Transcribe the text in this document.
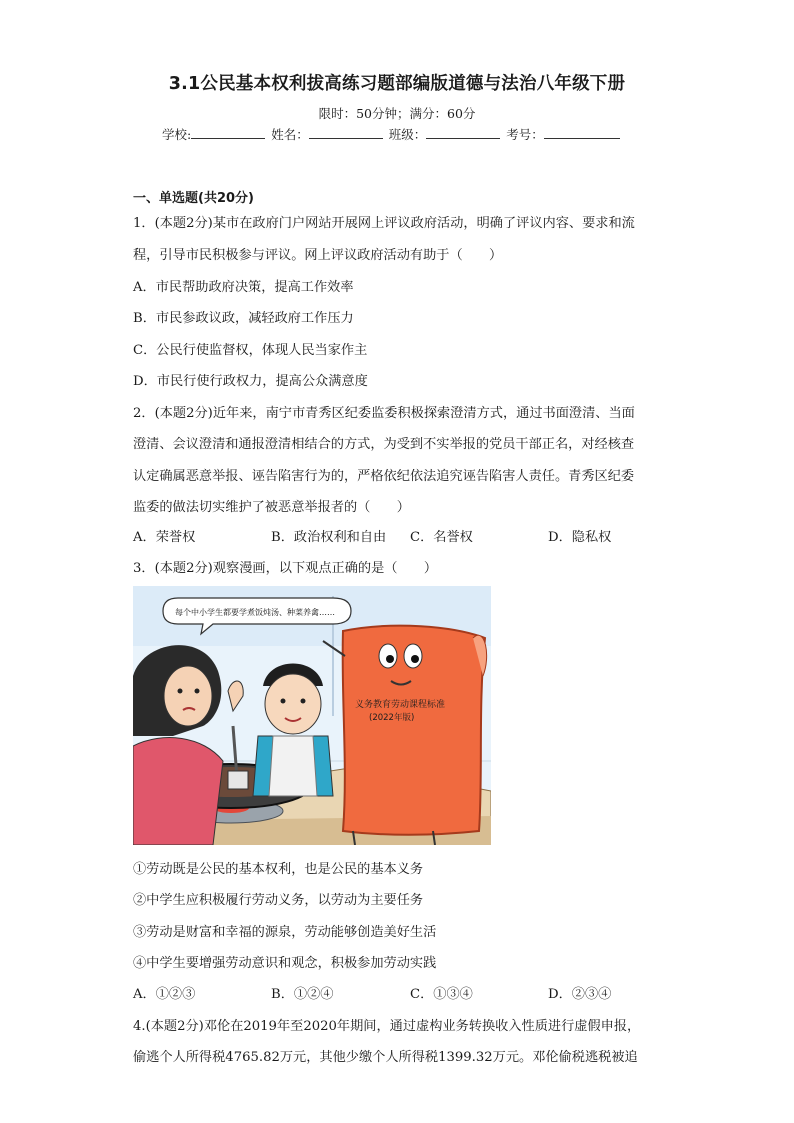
3.1公民基本权利拔高练习题部编版道德与法治八年级下册
限时：50分钟；满分：60分
学校:	姓名：	班级：	考号：
一、单选题(共20分)
1．(本题2分)某市在政府门户网站开展网上评议政府活动，明确了评议内容、要求和流
程，引导市民积极参与评议。网上评议政府活动有助于（　　）
A．市民帮助政府决策，提高工作效率
B．市民参政议政，减轻政府工作压力
C．公民行使监督权，体现人民当家作主
D．市民行使行政权力，提高公众满意度
2．(本题2分)近年来，南宁市青秀区纪委监委积极探索澄清方式，通过书面澄清、当面
澄清、会议澄清和通报澄清相结合的方式，为受到不实举报的党员干部正名，对经核查
认定确属恶意举报、诬告陷害行为的，严格依纪依法追究诬告陷害人责任。青秀区纪委
监委的做法切实维护了被恶意举报者的（　　）
A．荣誉权	B．政治权利和自由 C．名誉权	D．隐私权
3．(本题2分)观察漫画，以下观点正确的是（　　）
义务教育劳动课程标准
(2022年版)
每个中小学生都要学煮饭炖汤、种菜养禽……
①劳动既是公民的基本权利，也是公民的基本义务
②中学生应积极履行劳动义务，以劳动为主要任务
③劳动是财富和幸福的源泉，劳动能够创造美好生活
④中学生要增强劳动意识和观念，积极参加劳动实践
A．①②③	B．①②④	C．①③④	D．②③④
4.(本题2分)邓伦在2019年至2020年期间，通过虚构业务转换收入性质进行虚假申报，
偷逃个人所得税4765.82万元，其他少缴个人所得税1399.32万元。邓伦偷税逃税被追
